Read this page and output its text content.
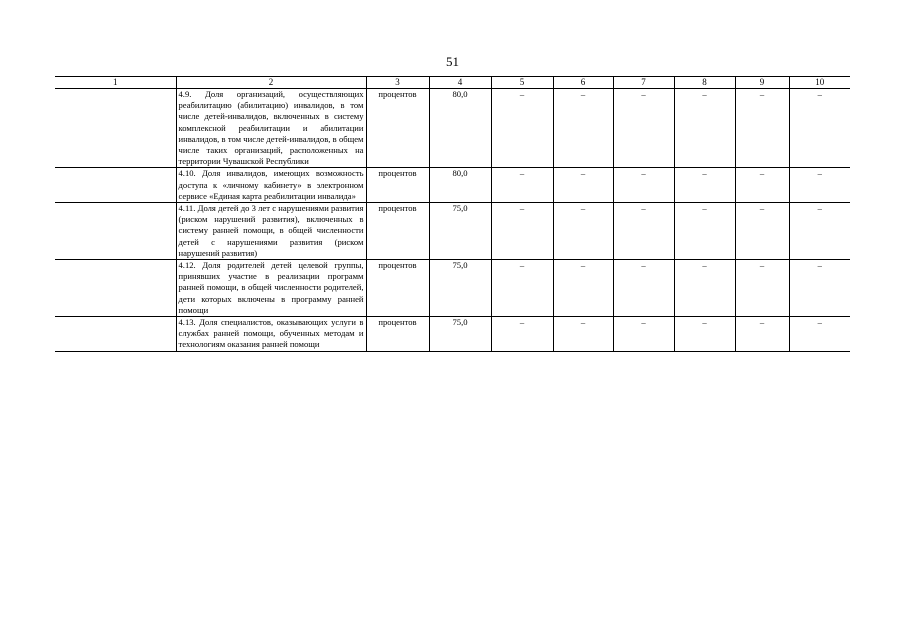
51
1	2	3	4	5	6	7	8	9	10
	4.9. Доля организаций, осуществляющих реабилитацию (абилитацию) инвалидов, в том числе детей-инвалидов, включенных в систему комплексной реабилитации и абилитации инвалидов, в том числе детей-инвалидов, в общем числе таких организаций, расположенных на территории Чувашской Республики	процентов	80,0	–	–	–	–	–	–
	4.10. Доля инвалидов, имеющих возможность доступа к «личному кабинету» в электронном сервисе «Единая карта реабилитации инвалида»	процентов	80,0	–	–	–	–	–	–
	4.11. Доля детей до 3 лет с нарушениями развития (риском нарушений развития), включенных в систему ранней помощи, в общей численности детей с нарушениями развития (риском нарушений развития)	процентов	75,0	–	–	–	–	–	–
	4.12. Доля родителей детей целевой группы, принявших участие в реализации программ ранней помощи, в общей численности родителей, дети которых включены в программу ранней помощи	процентов	75,0	–	–	–	–	–	–
	4.13. Доля специалистов, оказывающих услуги в службах ранней помощи, обученных методам и технологиям оказания ранней помощи	процентов	75,0	–	–	–	–	–	–
